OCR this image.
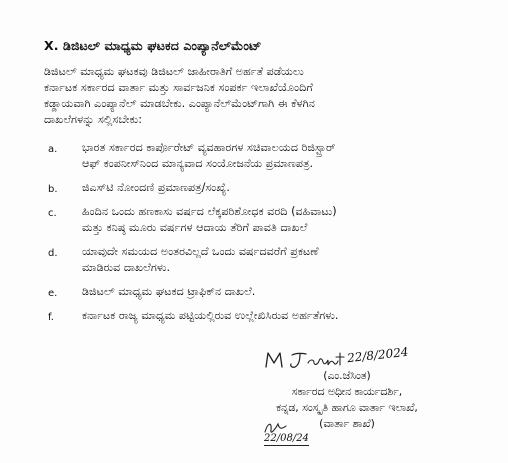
X. ಡಿಜಿಟಲ್ ಮಾಧ್ಯಮ ಘಟಕದ ಎಂಪ್ಯಾನೆಲ್‌ಮೆಂಟ್
ಡಿಜಿಟಲ್ ಮಾಧ್ಯಮ ಘಟಕವು ಡಿಜಿಟಲ್ ಜಾಹೀರಾತಿಗೆ ಅರ್ಹತೆ ಪಡೆಯಲು
ಕರ್ನಾಟಕ ಸರ್ಕಾರದ ವಾರ್ತಾ ಮತ್ತು ಸಾರ್ವಜನಿಕ ಸಂಪರ್ಕ ಇಲಾಖೆಯೊಂದಿಗೆ
ಕಡ್ಡಾಯವಾಗಿ ಎಂಪ್ಯಾನೆಲ್ ಮಾಡಬೇಕು. ಎಂಪ್ಯಾನೆಲ್‌ಮೆಂಟ್‌ಗಾಗಿ ಈ ಕೆಳಗಿನ
ದಾಖಲೆಗಳನ್ನು ಸಲ್ಲಿಸಬೇಕು:
a. ಭಾರತ ಸರ್ಕಾರದ ಕಾರ್ಪೊರೇಟ್ ವ್ಯವಹಾರಗಳ ಸಚಿವಾಲಯದ ರಿಜಿಸ್ಟ್ರಾರ್
ಆಫ್ ಕಂಪನೀಸ್‌ನಿಂದ ಮಾನ್ಯವಾದ ಸಂಯೋಜನೆಯ ಪ್ರಮಾಣಪತ್ರ.
b. ಜಿಎಸ್‌ಟಿ ನೋಂದಣಿ ಪ್ರಮಾಣಪತ್ರ/ಸಂಖ್ಯೆ.
c. ಹಿಂದಿನ ಒಂದು ಹಣಕಾಸು ವರ್ಷದ ಲೆಕ್ಕಪರಿಶೋಧಕ ವರದಿ (ವಹಿವಾಟು)
ಮತ್ತು ಕನಿಷ್ಠ ಮೂರು ವರ್ಷಗಳ ಆದಾಯ ತೆರಿಗೆ ಪಾವತಿ ದಾಖಲೆ
d. ಯಾವುದೇ ಸಮಯದ ಅಂತರವಿಲ್ಲದೆ ಒಂದು ವರ್ಷದವರೆಗೆ ಪ್ರಕಟಣೆ
ಮಾಡಿರುವ ದಾಖಲೆಗಳು.
e. ಡಿಜಿಟಲ್ ಮಾಧ್ಯಮ ಘಟಕದ ಟ್ರಾಫಿಕ್‌ನ ದಾಖಲೆ.
f.	ಕರ್ನಾಟಕ ರಾಜ್ಯ ಮಾಧ್ಯಮ ಪಟ್ಟಿಯಲ್ಲಿರುವ ಉಲ್ಲೇಖಿಸಿರುವ ಅರ್ಹತೆಗಳು.
22/8/2024
(ಎಂ.ಜೆಸಿಂತ)
ಸರ್ಕಾರದ ಅಧೀನ ಕಾರ್ಯದರ್ಶಿ,
ಕನ್ನಡ, ಸಂಸ್ಕೃತಿ ಹಾಗೂ ವಾರ್ತಾ ಇಲಾಖೆ,
(ವಾರ್ತಾ ಶಾಖೆ)
22/08/24
